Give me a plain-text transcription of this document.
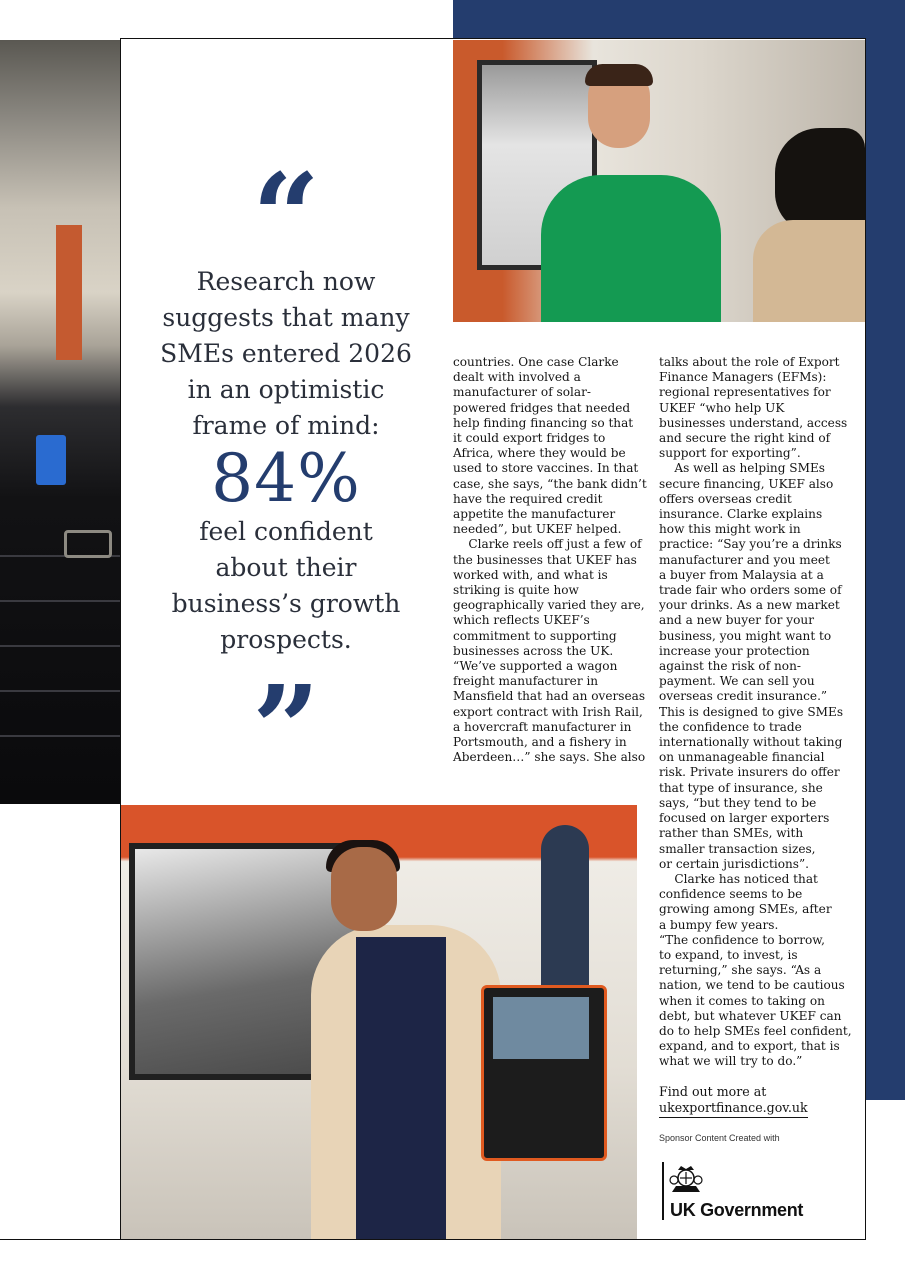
“
Research now
suggests that many
SMEs entered 2026
in an optimistic
frame of mind:
84%
feel confident
about their
business’s growth
prospects.
”
countries. One case Clarke
dealt with involved a
manufacturer of solar-
powered fridges that needed
help finding financing so that
it could export fridges to
Africa, where they would be
used to store vaccines. In that
case, she says, “the bank didn’t
have the required credit
appetite the manufacturer
needed”, but UKEF helped.
Clarke reels off just a few of
the businesses that UKEF has
worked with, and what is
striking is quite how
geographically varied they are,
which reflects UKEF’s
commitment to supporting
businesses across the UK.
“We’ve supported a wagon
freight manufacturer in
Mansfield that had an overseas
export contract with Irish Rail,
a hovercraft manufacturer in
Portsmouth, and a fishery in
Aberdeen…” she says. She also
talks about the role of Export
Finance Managers (EFMs):
regional representatives for
UKEF “who help UK
businesses understand, access
and secure the right kind of
support for exporting”.
As well as helping SMEs
secure financing, UKEF also
offers overseas credit
insurance. Clarke explains
how this might work in
practice: “Say you’re a drinks
manufacturer and you meet
a buyer from Malaysia at a
trade fair who orders some of
your drinks. As a new market
and a new buyer for your
business, you might want to
increase your protection
against the risk of non-
payment. We can sell you
overseas credit insurance.”
This is designed to give SMEs
the confidence to trade
internationally without taking
on unmanageable financial
risk. Private insurers do offer
that type of insurance, she
says, “but they tend to be
focused on larger exporters
rather than SMEs, with
smaller transaction sizes,
or certain jurisdictions”.
Clarke has noticed that
confidence seems to be
growing among SMEs, after
a bumpy few years.
“The confidence to borrow,
to expand, to invest, is
returning,” she says. “As a
nation, we tend to be cautious
when it comes to taking on
debt, but whatever UKEF can
do to help SMEs feel confident,
expand, and to export, that is
what we will try to do.”
Find out more at
ukexportfinance.gov.uk
Sponsor Content Created with
UK Government
